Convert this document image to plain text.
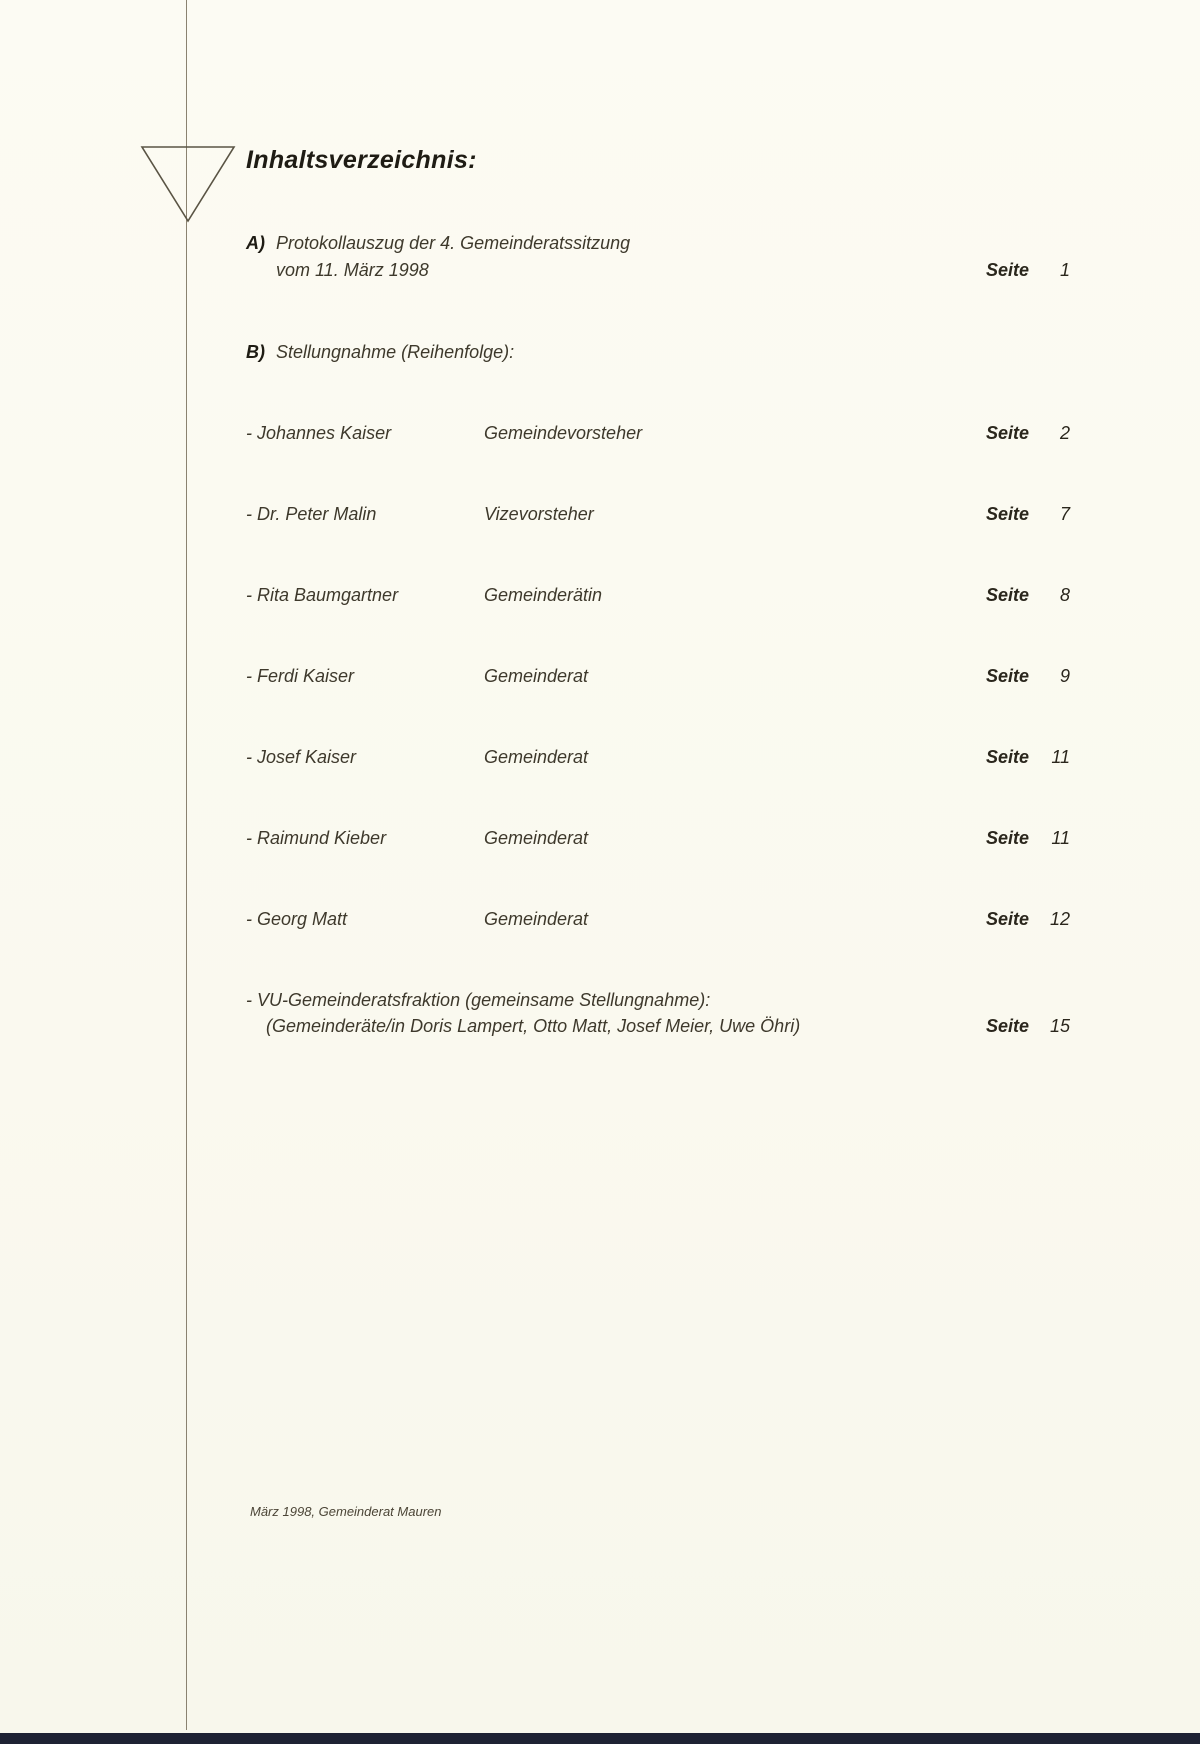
Inhaltsverzeichnis:
A) Protokollauszug der 4. Gemeinderatssitzung
vom 11. März 1998	Seite	1
B) Stellungnahme (Reihenfolge):
- Johannes Kaiser	Gemeindevorsteher	Seite	2
- Dr. Peter Malin	Vizevorsteher	Seite	7
- Rita Baumgartner	Gemeinderätin	Seite	8
- Ferdi Kaiser	Gemeinderat	Seite	9
- Josef Kaiser	Gemeinderat	Seite	11
- Raimund Kieber	Gemeinderat	Seite	11
- Georg Matt	Gemeinderat	Seite	12
- VU-Gemeinderatsfraktion (gemeinsame Stellungnahme):
(Gemeinderäte/in Doris Lampert, Otto Matt, Josef Meier, Uwe Öhri)	Seite	15
März 1998, Gemeinderat Mauren
